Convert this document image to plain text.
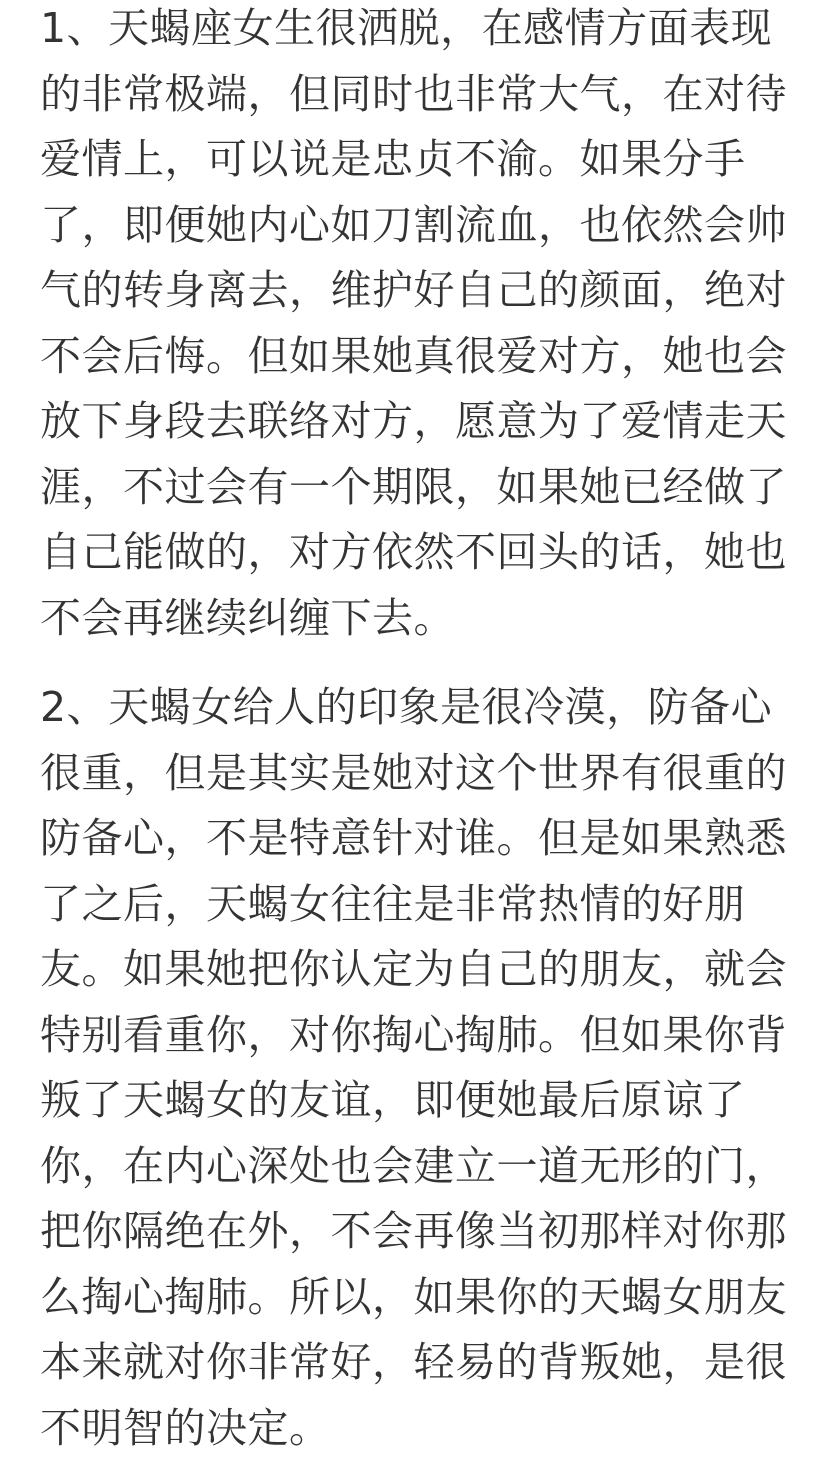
1、天蝎座女生很洒脱，在感情方面表现
的非常极端，但同时也非常大气，在对待
爱情上，可以说是忠贞不渝。如果分手
了，即便她内心如刀割流血，也依然会帅
气的转身离去，维护好自己的颜面，绝对
不会后悔。但如果她真很爱对方，她也会
放下身段去联络对方，愿意为了爱情走天
涯，不过会有一个期限，如果她已经做了
自己能做的，对方依然不回头的话，她也
不会再继续纠缠下去。
2、天蝎女给人的印象是很冷漠，防备心
很重，但是其实是她对这个世界有很重的
防备心，不是特意针对谁。但是如果熟悉
了之后，天蝎女往往是非常热情的好朋
友。如果她把你认定为自己的朋友，就会
特别看重你，对你掏心掏肺。但如果你背
叛了天蝎女的友谊，即便她最后原谅了
你，在内心深处也会建立一道无形的门，
把你隔绝在外，不会再像当初那样对你那
么掏心掏肺。所以，如果你的天蝎女朋友
本来就对你非常好，轻易的背叛她，是很
不明智的决定。
